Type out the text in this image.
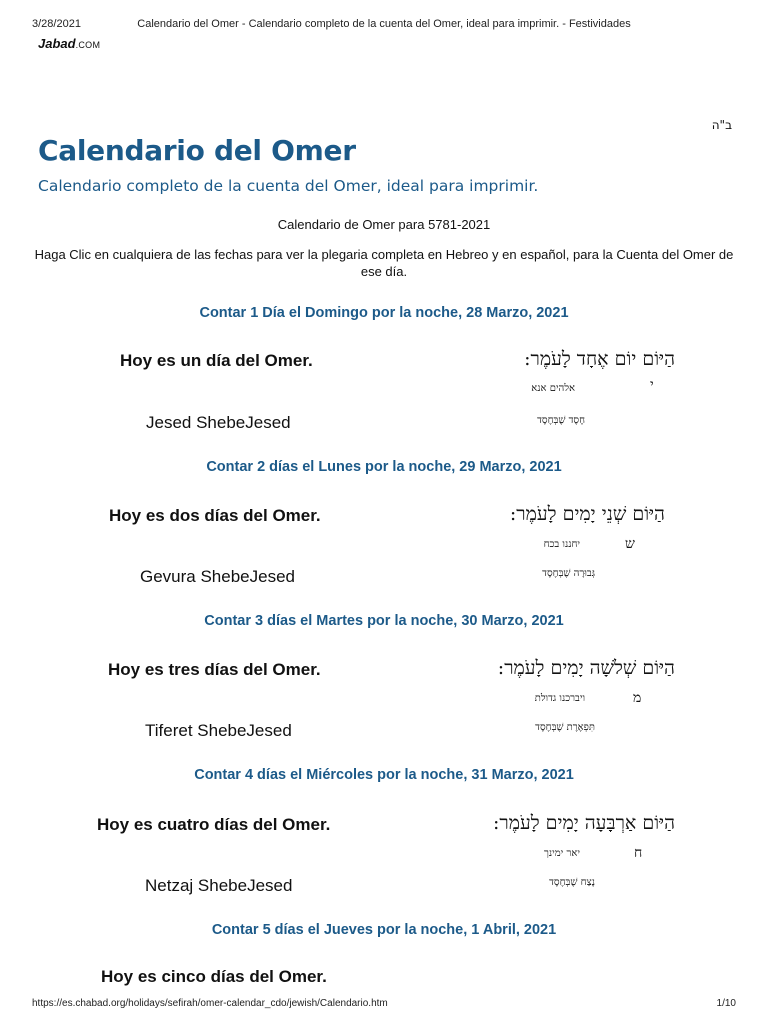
3/28/2021	Calendario del Omer - Calendario completo de la cuenta del Omer, ideal para imprimir. - Festividades
Jabad.COM
ב"ה
Calendario del Omer
Calendario completo de la cuenta del Omer, ideal para imprimir.
Calendario de Omer para 5781-2021
Haga Clic en cualquiera de las fechas para ver la plegaria completa en Hebreo y en español, para la Cuenta del Omer de ese día.
Contar 1 Día el Domingo por la noche, 28 Marzo, 2021
Hoy es un día del Omer.	הַיּוֹם יוֹם אֶחָד לָעֹמֶר:
י
אלהים אנא
Jesed ShebeJesed	חֶסֶד שֶׁבְּחֶסֶד
Contar 2 días el Lunes por la noche, 29 Marzo, 2021
Hoy es dos días del Omer.	הַיּוֹם שְׁנֵי יָמִים לָעֹמֶר:
ש
יחננו בכח
Gevura ShebeJesed	גְּבוּרָה שֶׁבְּחֶסֶד
Contar 3 días el Martes por la noche, 30 Marzo, 2021
Hoy es tres días del Omer.	הַיּוֹם שְׁלֹשָׁה יָמִים לָעֹמֶר:
מ
ויברכנו גדולת
Tiferet ShebeJesed	תִּפְאֶרֶת שֶׁבְּחֶסֶד
Contar 4 días el Miércoles por la noche, 31 Marzo, 2021
Hoy es cuatro días del Omer.	הַיּוֹם אַרְבָּעָה יָמִים לָעֹמֶר:
ח
יאר ימינך
Netzaj ShebeJesed	נֶצַח שֶׁבְּחֶסֶד
Contar 5 días el Jueves por la noche, 1 Abril, 2021
Hoy es cinco días del Omer.
https://es.chabad.org/holidays/sefirah/omer-calendar_cdo/jewish/Calendario.htm	1/10
